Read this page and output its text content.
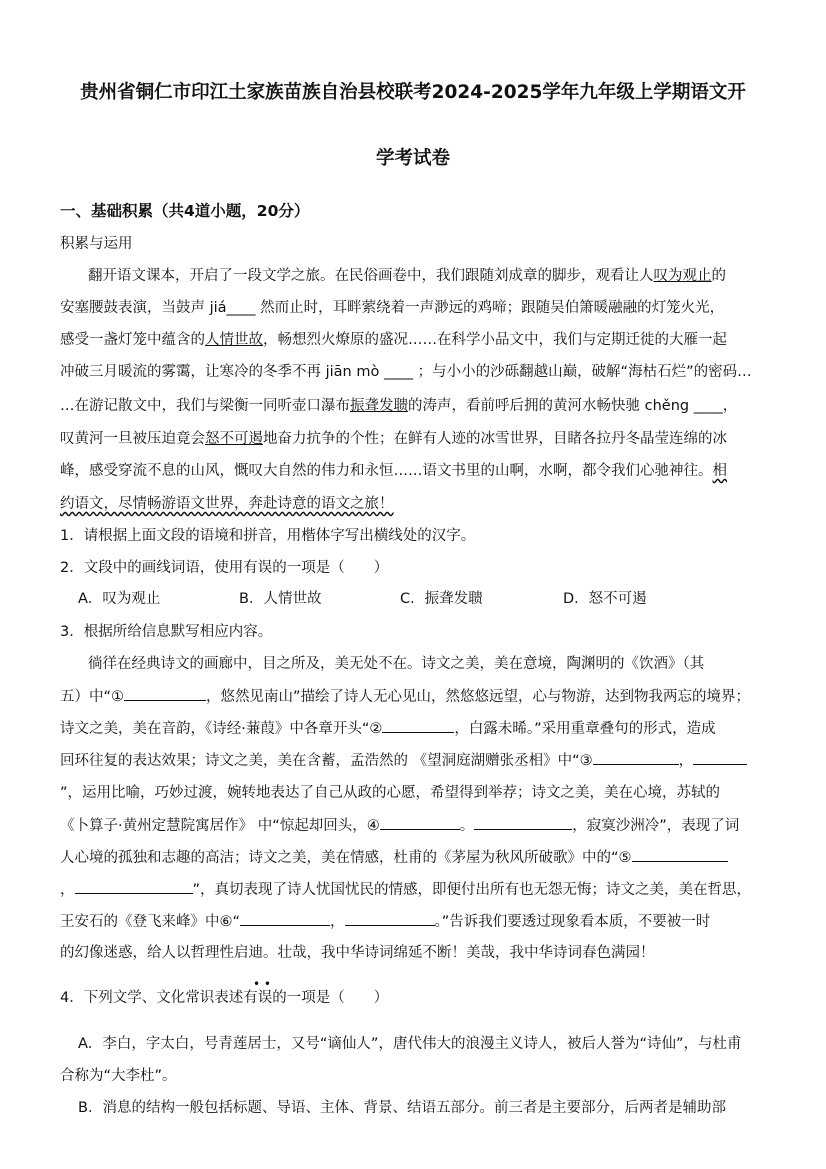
贵州省铜仁市印江土家族苗族自治县校联考2024-2025学年九年级上学期语文开
学考试卷
一、基础积累（共4道小题，20分）
积累与运用
翻开语文课本，开启了一段文学之旅。在民俗画卷中，我们跟随刘成章的脚步，观看让人叹为观止的
安塞腰鼓表演，当鼓声 jiá____ 然而止时，耳畔萦绕着一声渺远的鸡啼；跟随吴伯箫暖融融的灯笼火光，
感受一盏灯笼中蕴含的人情世故，畅想烈火燎原的盛况……在科学小品文中，我们与定期迁徙的大雁一起
冲破三月暖流的雾霭，让寒冷的冬季不再 jiān mò ____ ；与小小的沙砾翻越山巅，破解“海枯石烂”的密码…
…在游记散文中，我们与梁衡一同听壶口瀑布振聋发聩的涛声，看前呼后拥的黄河水畅快驰 chěng ____，
叹黄河一旦被压迫竟会怒不可遏地奋力抗争的个性；在鲜有人迹的冰雪世界，目睹各拉丹冬晶莹连绵的冰
峰，感受穿流不息的山风，慨叹大自然的伟力和永恒……语文书里的山啊，水啊，都令我们心驰神往。相
约语文，尽情畅游语文世界，奔赴诗意的语文之旅！
1．请根据上面文段的语境和拼音，用楷体字写出横线处的汉字。
2．文段中的画线词语，使用有误的一项是（　　）
A．叹为观止	B．人情世故	C．振聋发聩	D．怒不可遏
3．根据所给信息默写相应内容。
徜徉在经典诗文的画廊中，目之所及，美无处不在。诗文之美，美在意境，陶渊明的《饮酒》（其
五）中“①	，悠然见南山”描绘了诗人无心见山，然悠悠远望，心与物游，达到物我两忘的境界；
诗文之美，美在音韵，《诗经·蒹葭》中各章开头“②	，白露未晞。”采用重章叠句的形式，造成
回环往复的表达效果；诗文之美，美在含蓄，孟浩然的 《望洞庭湖赠张丞相》中“③	，
”，运用比喻，巧妙过渡，婉转地表达了自己从政的心愿，希望得到举荐；诗文之美，美在心境，苏轼的
《卜算子·黄州定慧院寓居作》 中“惊起却回头，④	。	，寂寞沙洲冷”，表现了词
人心境的孤独和志趣的高洁；诗文之美，美在情感，杜甫的《茅屋为秋风所破歌》中的“⑤
，	”，真切表现了诗人忧国忧民的情感，即便付出所有也无怨无悔；诗文之美，美在哲思，
王安石的《登飞来峰》中⑥“	，	。”告诉我们要透过现象看本质，不要被一时
的幻像迷惑，给人以哲理性启迪。壮哉，我中华诗词绵延不断！美哉，我中华诗词春色满园！
• •
4．下列文学、文化常识表述有误的一项是（　　）
A．李白，字太白，号青莲居士，又号“谪仙人”，唐代伟大的浪漫主义诗人，被后人誉为“诗仙”，与杜甫
合称为“大李杜”。
B．消息的结构一般包括标题、导语、主体、背景、结语五部分。前三者是主要部分，后两者是辅助部
